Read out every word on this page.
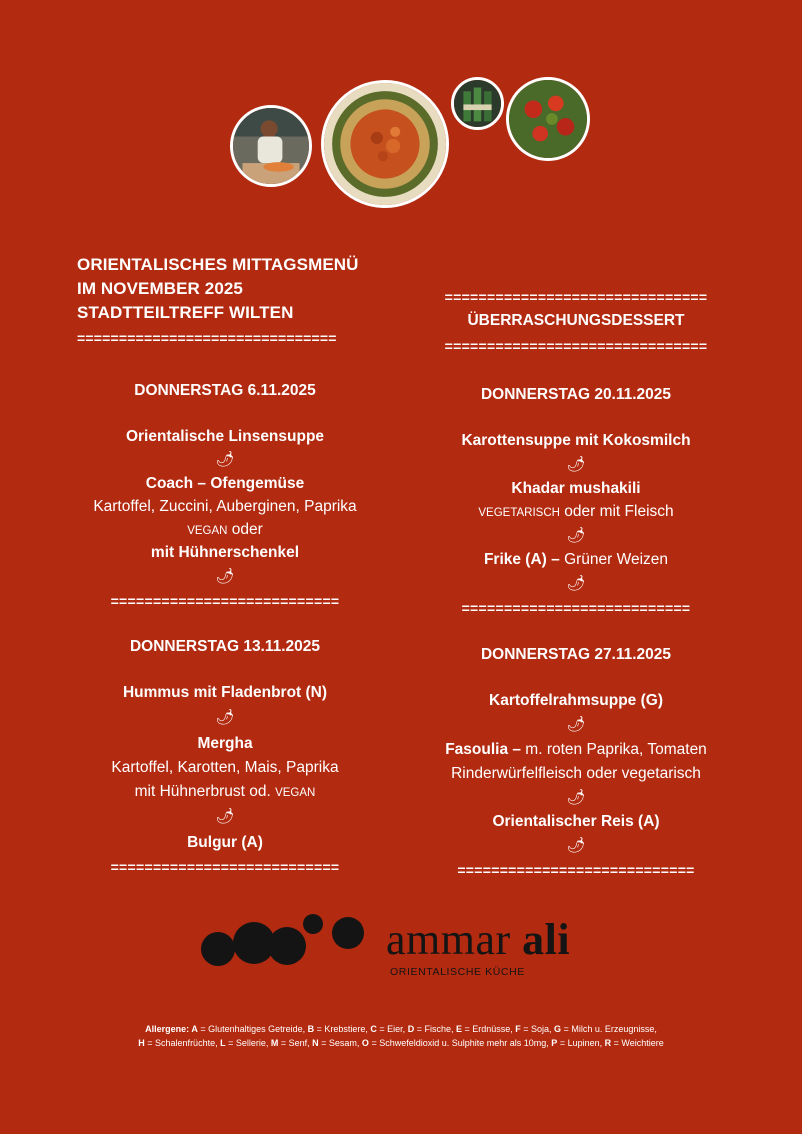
ORIENTALISCHES MITTAGSMENÜ
IM NOVEMBER 2025
STADTTEILTREFF WILTEN
===============================
DONNERSTAG 6.11.2025
Orientalische Linsensuppe
🌶
Coach – Ofengemüse
Kartoffel, Zuccini, Auberginen, Paprika
VEGAN oder
mit Hühnerschenkel
🌶
===========================
DONNERSTAG 13.11.2025
Hummus mit Fladenbrot (N)
🌶
Mergha
Kartoffel, Karotten, Mais, Paprika
mit Hühnerbrust od. VEGAN
🌶
Bulgur (A)
===========================
===============================
ÜBERRASCHUNGSDESSERT
===============================
DONNERSTAG 20.11.2025
Karottensuppe mit Kokosmilch
🌶
Khadar mushakili
VEGETARISCH oder mit Fleisch
🌶
Frike (A) – Grüner Weizen
🌶
===========================
DONNERSTAG 27.11.2025
Kartoffelrahmsuppe (G)
🌶
Fasoulia – m. roten Paprika, Tomaten
Rinderwürfelfleisch oder vegetarisch
🌶
Orientalischer Reis (A)
🌶
============================
ammar ali
ORIENTALISCHE KÜCHE
Allergene: A = Glutenhaltiges Getreide, B = Krebstiere, C = Eier, D = Fische, E = Erdnüsse, F = Soja, G = Milch u. Erzeugnisse,
H = Schalenfrüchte, L = Sellerie, M = Senf, N = Sesam, O = Schwefeldioxid u. Sulphite mehr als 10mg, P = Lupinen, R = Weichtiere
